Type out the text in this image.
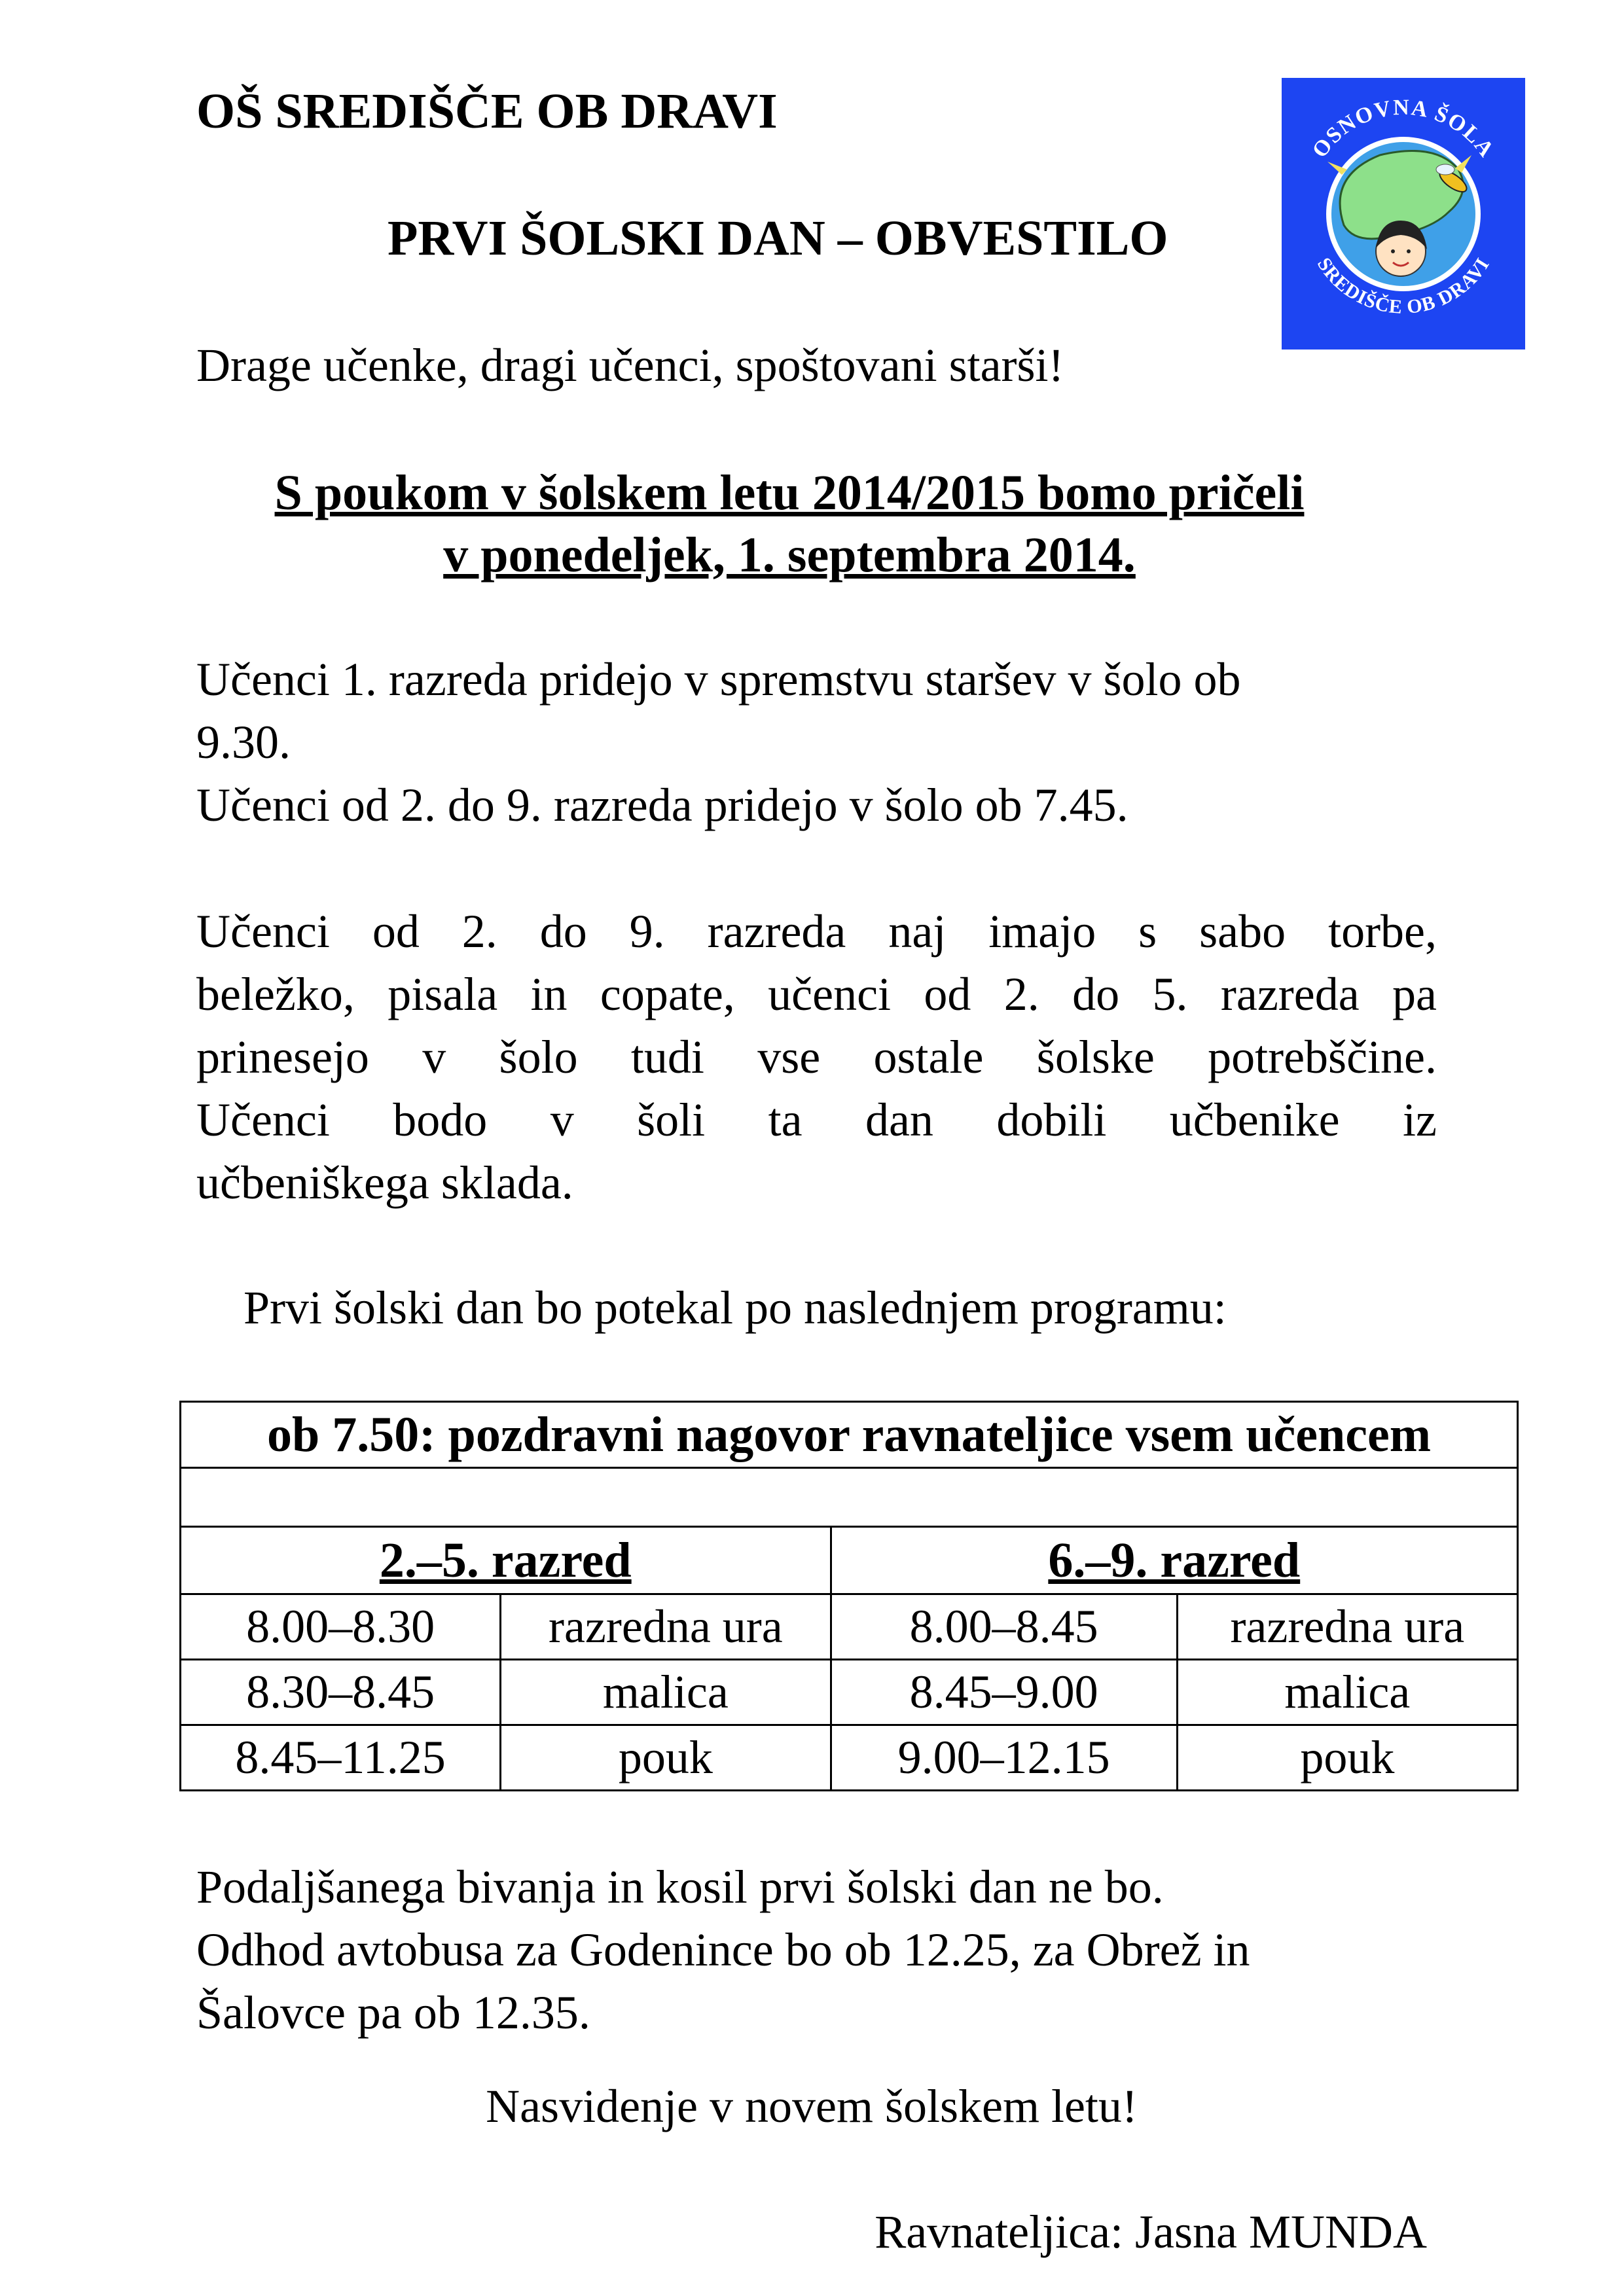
OŠ SREDIŠČE OB DRAVI
PRVI ŠOLSKI DAN – OBVESTILO
OSNOVNA ŠOLA
SREDIŠČE OB DRAVI
Drage učenke, dragi učenci, spoštovani starši!
S poukom v šolskem letu 2014/2015 bomo pričeli
v ponedeljek, 1. septembra 2014.
Učenci 1. razreda pridejo v spremstvu staršev v šolo ob
9.30.
Učenci od 2. do 9. razreda pridejo v šolo ob 7.45.
Učenci od 2. do 9. razreda naj imajo s sabo torbe,
beležko, pisala in copate, učenci od 2. do 5. razreda pa
prinesejo v šolo tudi vse ostale šolske potrebščine.
Učenci bodo v šoli ta dan dobili učbenike iz
učbeniškega sklada.
Prvi šolski dan bo potekal po naslednjem programu:
ob 7.50: pozdravni nagovor ravnateljice vsem učencem			

2.–5. razred		6.–9. razred	
8.00–8.30	razredna ura	8.00–8.45	razredna ura
8.30–8.45	malica	8.45–9.00	malica
8.45–11.25	pouk	9.00–12.15	pouk
Podaljšanega bivanja in kosil prvi šolski dan ne bo.
Odhod avtobusa za Godenince bo ob 12.25, za Obrež in
Šalovce pa ob 12.35.
Nasvidenje v novem šolskem letu!
Ravnateljica: Jasna MUNDA
